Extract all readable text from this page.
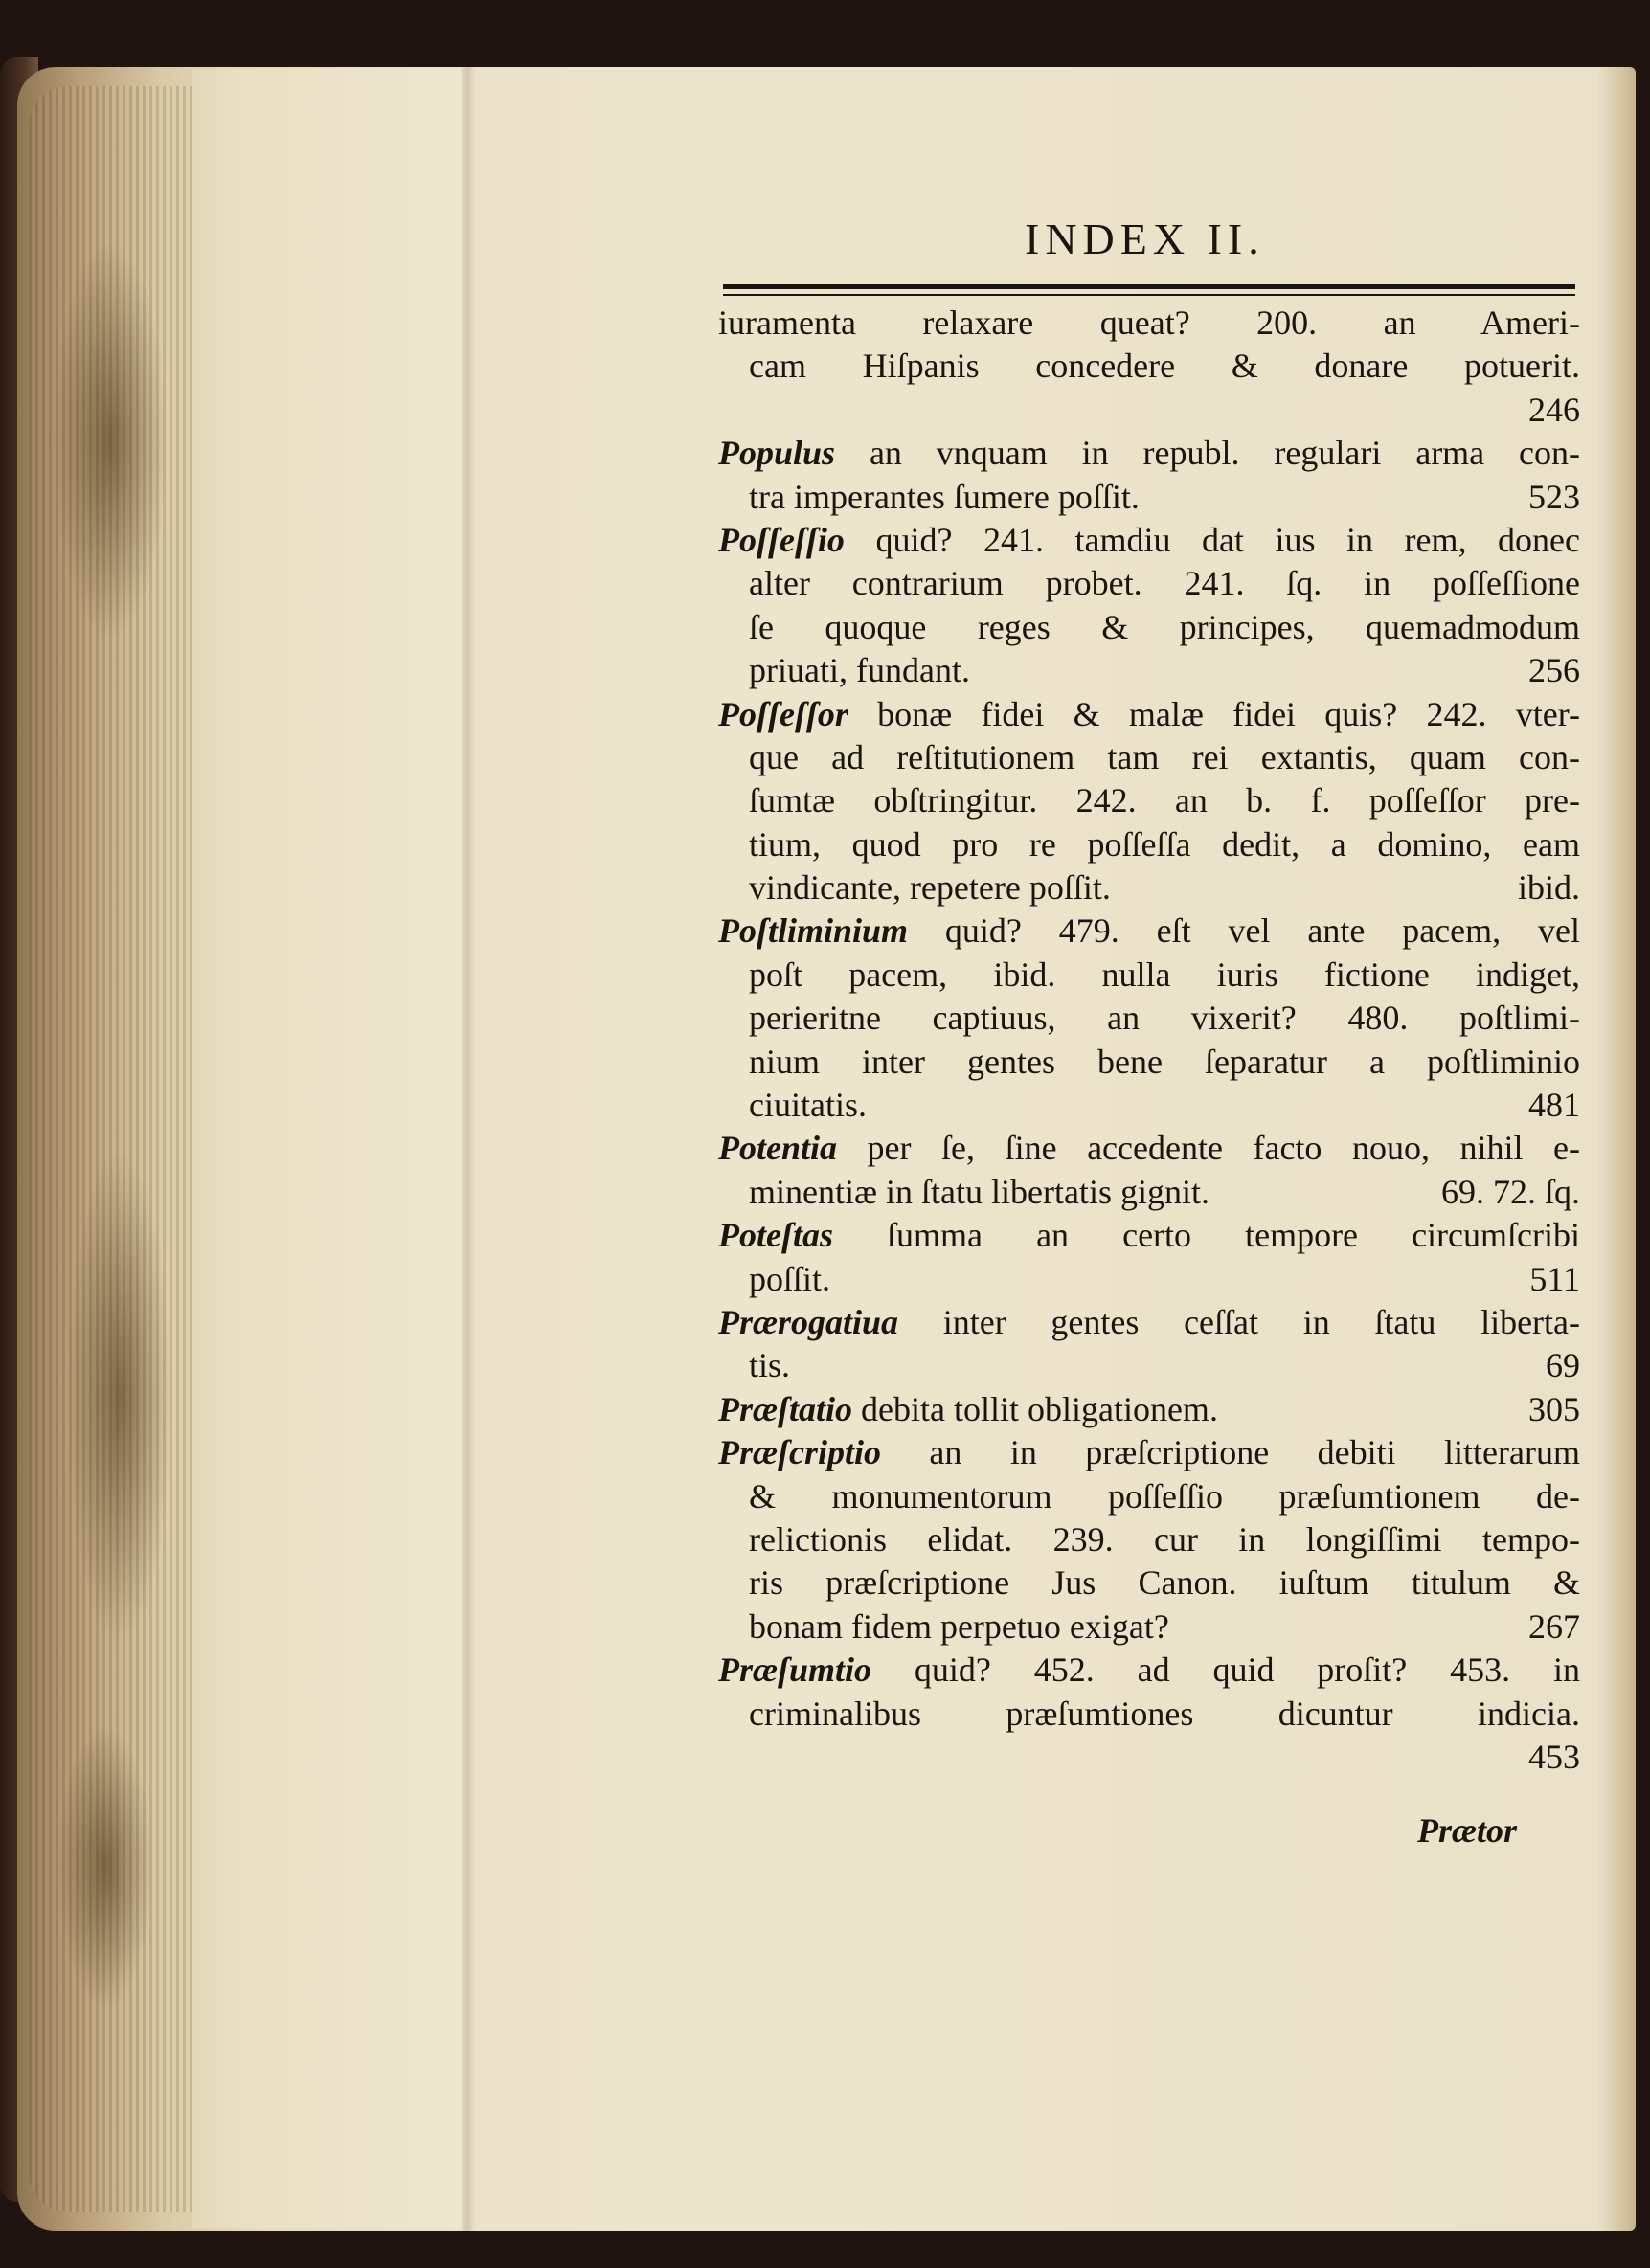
INDEX II.
iuramenta relaxare queat? 200. an Ameri-
cam Hiſpanis concedere & donare potuerit.
246
Populus an vnquam in republ. regulari arma con-
tra imperantes ſumere poſſit.	523
Poſſeſſio quid? 241. tamdiu dat ius in rem, donec
alter contrarium probet. 241. ſq. in poſſeſſione
ſe quoque reges & principes, quemadmodum
priuati, fundant.	256
Poſſeſſor bonæ fidei & malæ fidei quis? 242. vter-
que ad reſtitutionem tam rei extantis, quam con-
ſumtæ obſtringitur. 242. an b. f. poſſeſſor pre-
tium, quod pro re poſſeſſa dedit, a domino, eam
vindicante, repetere poſſit.	ibid.
Poſtliminium quid? 479. eſt vel ante pacem, vel
poſt pacem, ibid. nulla iuris fictione indiget,
perieritne captiuus, an vixerit? 480. poſtlimi-
nium inter gentes bene ſeparatur a poſtliminio
ciuitatis.	481
Potentia per ſe, ſine accedente facto nouo, nihil e-
minentiæ in ſtatu libertatis gignit.	69. 72. ſq.
Poteſtas ſumma an certo tempore circumſcribi
poſſit.	511
Prærogatiua inter gentes ceſſat in ſtatu liberta-
tis.	69
Præſtatio debita tollit obligationem.	305
Præſcriptio an in præſcriptione debiti litterarum
& monumentorum poſſeſſio præſumtionem de-
relictionis elidat. 239. cur in longiſſimi tempo-
ris præſcriptione Jus Canon. iuſtum titulum &
bonam fidem perpetuo exigat?	267
Præſumtio quid? 452. ad quid proſit? 453. in
criminalibus præſumtiones dicuntur indicia.
453
Prætor
